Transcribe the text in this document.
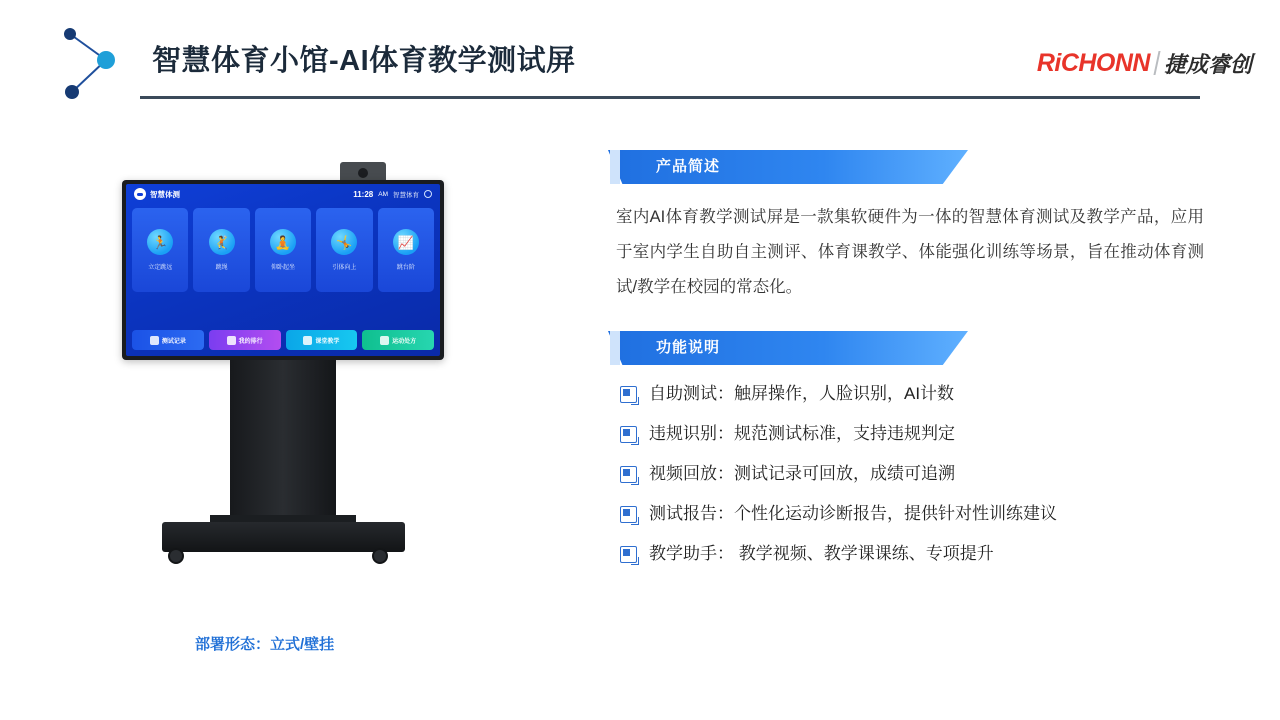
智慧体育小馆-AI体育教学测试屏	RiCHONN 捷成睿创
智慧体测	11:28 AM 智慧体育
🏃
立定跳远
🤾
跳绳
🧘
仰卧起坐
🤸
引体向上
📈
跳台阶
测试记录	我的排行	课堂教学	运动处方
部署形态：立式/壁挂
产品简述

室内AI体育教学测试屏是一款集软硬件为一体的智慧体育测试及教学产品，应用于室内学生自助自主测评、体育课教学、体能强化训练等场景，旨在推动体育测试/教学在校园的常态化。

功能说明
自助测试：触屏操作，人脸识别，AI计数
违规识别：规范测试标准，支持违规判定
视频回放：测试记录可回放，成绩可追溯
测试报告：个性化运动诊断报告，提供针对性训练建议
教学助手： 教学视频、教学课课练、专项提升
